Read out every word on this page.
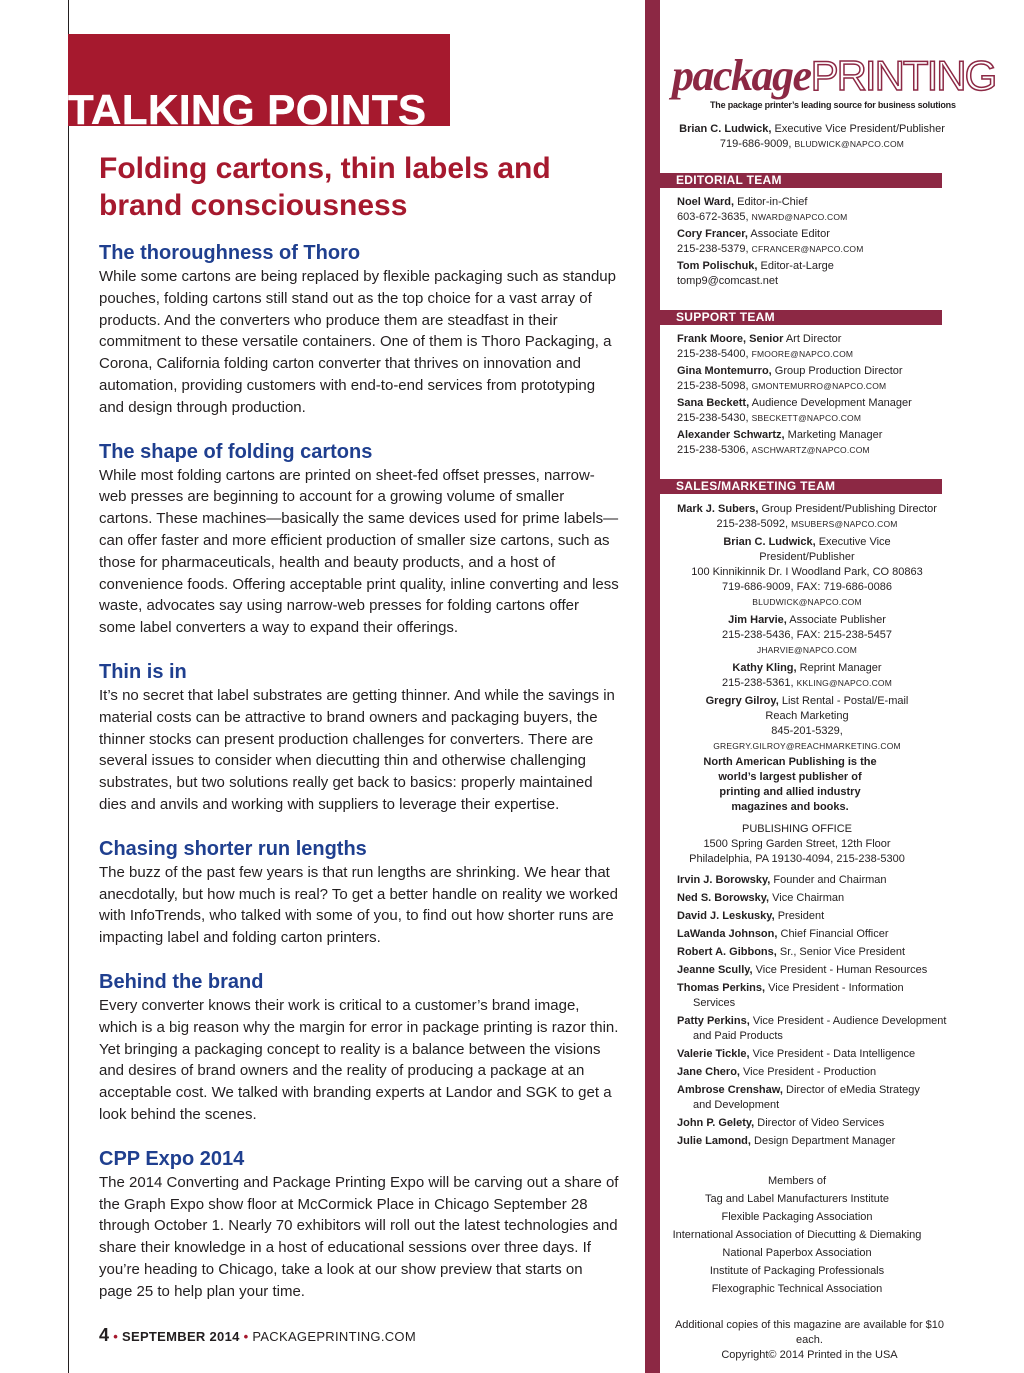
TALKING POINTS
Folding cartons, thin labels and brand consciousness
The thoroughness of Thoro

While some cartons are being replaced by flexible packaging such as standup pouches, folding cartons still stand out as the top choice for a vast array of products. And the converters who produce them are steadfast in their commitment to these versatile containers. One of them is Thoro Packaging, a Corona, California folding carton converter that thrives on innovation and automation, providing customers with end-to-end services from prototyping and design through production.

The shape of folding cartons

While most folding cartons are printed on sheet-fed offset presses, narrow-web presses are beginning to account for a growing volume of smaller cartons. These machines—basically the same devices used for prime labels—can offer faster and more efficient production of smaller size cartons, such as those for pharmaceuticals, health and beauty products, and a host of convenience foods. Offering acceptable print quality, inline converting and less waste, advocates say using narrow-web presses for folding cartons offer some label converters a way to expand their offerings.

Thin is in

It’s no secret that label substrates are getting thinner. And while the savings in material costs can be attractive to brand owners and packaging buyers, the thinner stocks can present production challenges for converters. There are several issues to consider when diecutting thin and otherwise challenging substrates, but two solutions really get back to basics: properly maintained dies and anvils and working with suppliers to leverage their expertise.

Chasing shorter run lengths

The buzz of the past few years is that run lengths are shrinking. We hear that anecdotally, but how much is real? To get a better handle on reality we worked with InfoTrends, who talked with some of you, to find out how shorter runs are impacting label and folding carton printers.

Behind the brand

Every converter knows their work is critical to a customer’s brand image, which is a big reason why the margin for error in package printing is razor thin. Yet bringing a packaging concept to reality is a balance between the visions and desires of brand owners and the reality of producing a package at an acceptable cost. We talked with branding experts at Landor and SGK to get a look behind the scenes.

CPP Expo 2014

The 2014 Converting and Package Printing Expo will be carving out a share of the Graph Expo show floor at McCormick Place in Chicago September 28 through October 1. Nearly 70 exhibitors will roll out the latest technologies and share their knowledge in a host of educational sessions over three days. If you’re heading to Chicago, take a look at our show preview that starts on page 25 to help plan your time.

4 • SEPTEMBER 2014 • PACKAGEPRINTING.COM

packagePRINTING

The package printer’s leading source for business solutions

Brian C. Ludwick, Executive Vice President/Publisher

719-686-9009, BLUDWICK@NAPCO.COM

EDITORIAL TEAM

Noel Ward, Editor-in-Chief

603-672-3635, NWARD@NAPCO.COM

Cory Francer, Associate Editor

215-238-5379, CFRANCER@NAPCO.COM

Tom Polischuk, Editor-at-Large

tomp9@comcast.net

SUPPORT TEAM

Frank Moore, Senior Art Director

215-238-5400, FMOORE@NAPCO.COM

Gina Montemurro, Group Production Director

215-238-5098, GMONTEMURRO@NAPCO.COM

Sana Beckett, Audience Development Manager

215-238-5430, SBECKETT@NAPCO.COM

Alexander Schwartz, Marketing Manager

215-238-5306, ASCHWARTZ@NAPCO.COM

SALES/MARKETING TEAM

Mark J. Subers, Group President/Publishing Director

215-238-5092, MSUBERS@NAPCO.COM

Brian C. Ludwick, Executive Vice President/Publisher

100 Kinnikinnik Dr. I Woodland Park, CO 80863

719-686-9009, FAX: 719-686-0086

BLUDWICK@NAPCO.COM

Jim Harvie, Associate Publisher

215-238-5436, FAX: 215-238-5457

JHARVIE@NAPCO.COM

Kathy Kling, Reprint Manager

215-238-5361, KKLING@NAPCO.COM

Gregry Gilroy, List Rental - Postal/E-mail

Reach Marketing

845-201-5329, GREGRY.GILROY@REACHMARKETING.COM

North American Publishing is the world’s largest publisher of printing and allied industry magazines and books.

PUBLISHING OFFICE

1500 Spring Garden Street, 12th Floor

Philadelphia, PA 19130-4094, 215-238-5300

Irvin J. Borowsky, Founder and Chairman

Ned S. Borowsky, Vice Chairman

David J. Leskusky, President

LaWanda Johnson, Chief Financial Officer

Robert A. Gibbons, Sr., Senior Vice President

Jeanne Scully, Vice President - Human Resources

Thomas Perkins, Vice President - Information

Services

Patty Perkins, Vice President - Audience Development

and Paid Products

Valerie Tickle, Vice President - Data Intelligence

Jane Chero, Vice President - Production

Ambrose Crenshaw, Director of eMedia Strategy

and Development

John P. Gelety, Director of Video Services

Julie Lamond, Design Department Manager

Members of

Tag and Label Manufacturers Institute

Flexible Packaging Association

International Association of Diecutting & Diemaking

National Paperbox Association

Institute of Packaging Professionals

Flexographic Technical Association

Additional copies of this magazine are available for $10 each.

Copyright© 2014 Printed in the USA
